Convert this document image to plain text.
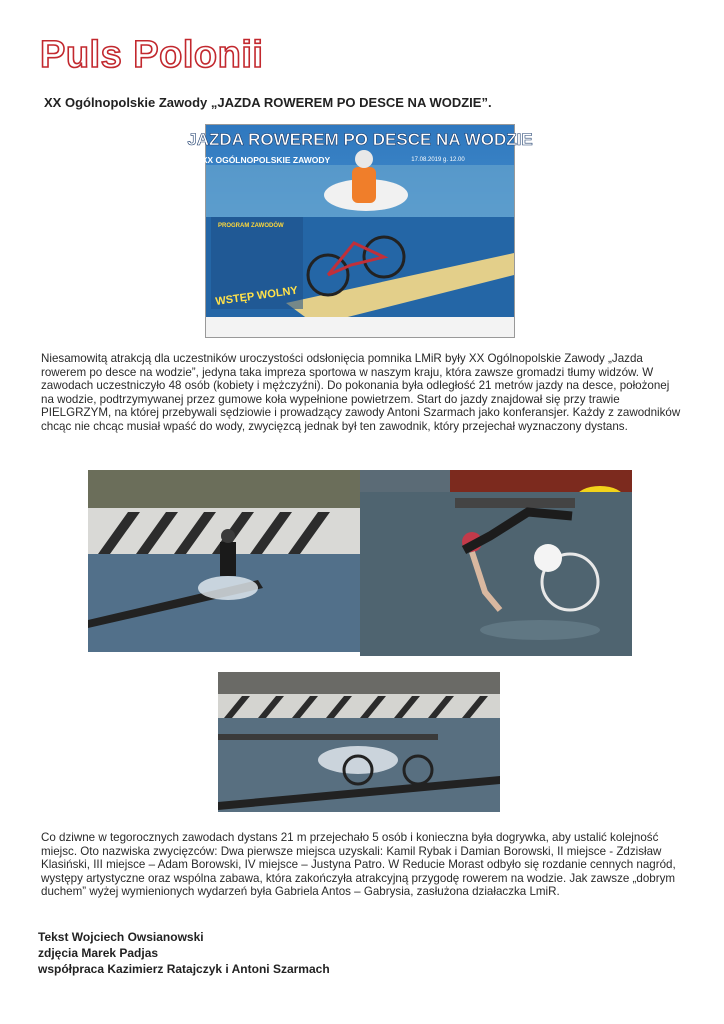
Puls Polonii
XX Ogólnopolskie Zawody „JAZDA ROWEREM PO DESCE NA WODZIE”.
JAZDA ROWEREM PO DESCE NA WODZIE
XX OGÓLNOPOLSKIE ZAWODY	17.08.2019 g. 12.00
PROGRAM ZAWODÓW
WSTĘP WOLNY
Niesamowitą atrakcją dla uczestników uroczystości odsłonięcia pomnika LMiR były XX Ogólnopolskie Zawody „Jazda rowerem po desce na wodzie”, jedyna taka impreza sportowa w naszym kraju, która zawsze gromadzi tłumy widzów. W zawodach uczestniczyło 48 osób (kobiety i mężczyźni). Do pokonania była odległość 21 metrów jazdy na desce, położonej na wodzie, podtrzymywanej przez gumowe koła wypełnione powietrzem. Start do jazdy znajdował się przy trawie PIELGRZYM, na której przebywali sędziowie i prowadzący zawody Antoni Szarmach jako konferansjer. Każdy z zawodników chcąc nie chcąc musiał wpaść do wody, zwycięzcą jednak był ten zawodnik, który przejechał wyznaczony dystans.
Co dziwne w tegorocznych zawodach dystans 21 m przejechało 5 osób i konieczna była dogrywka, aby ustalić kolejność miejsc. Oto nazwiska zwycięzców: Dwa pierwsze miejsca uzyskali: Kamil Rybak i Damian Borowski, II miejsce - Zdzisław Klasiński, III miejsce – Adam Borowski, IV miejsce – Justyna Patro. W Reducie Morast odbyło się rozdanie cennych nagród, występy artystyczne oraz wspólna zabawa, która zakończyła atrakcyjną przygodę rowerem na wodzie. Jak zawsze „dobrym duchem” wyżej wymienionych wydarzeń była Gabriela Antos – Gabrysia, zasłużona działaczka LmiR.
Tekst Wojciech Owsianowski
zdjęcia Marek Padjas
współpraca Kazimierz Ratajczyk i Antoni Szarmach
